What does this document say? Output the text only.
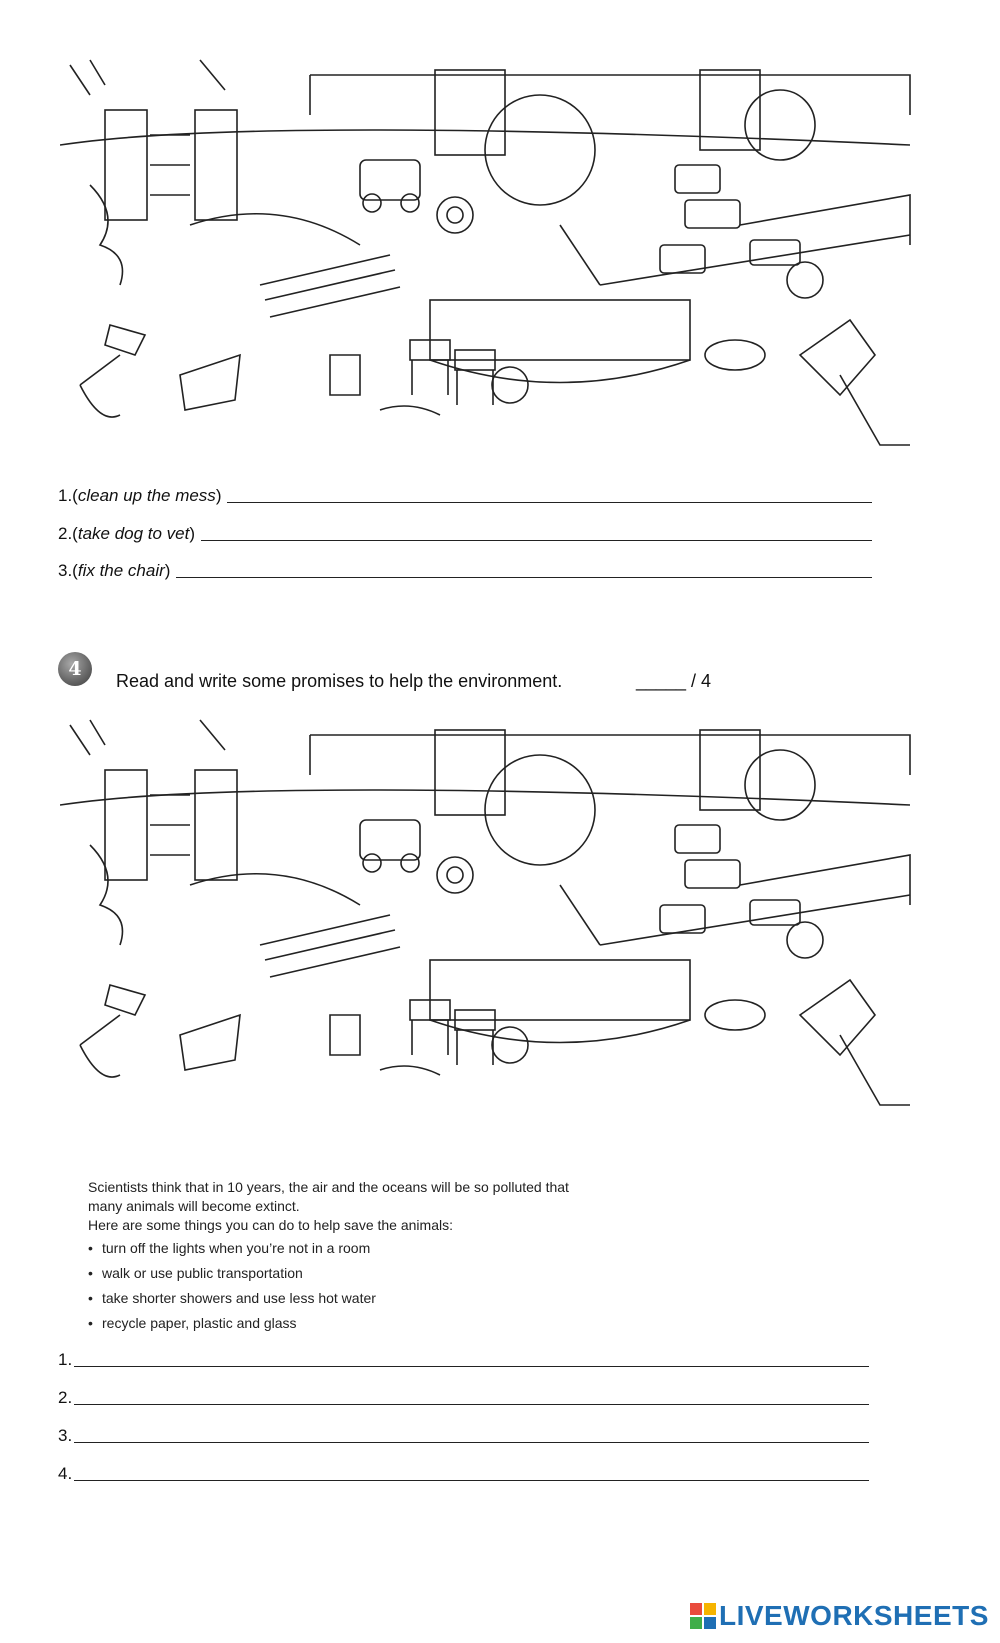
1.( clean up the mess )
2.( take dog to vet )
3.( fix the chair )
4
Read and write some promises to help the environment.	_____ / 4

Scientists think that in 10 years, the air and the oceans will be so polluted that

many animals will become extinct.

Here are some things you can do to help save the animals:

• turn off the lights when you’re not in a room
• walk or use public transportation
• take shorter showers and use less hot water
• recycle paper, plastic and glass
1.
2.
3.
4.
LIVEWORKSHEETS
